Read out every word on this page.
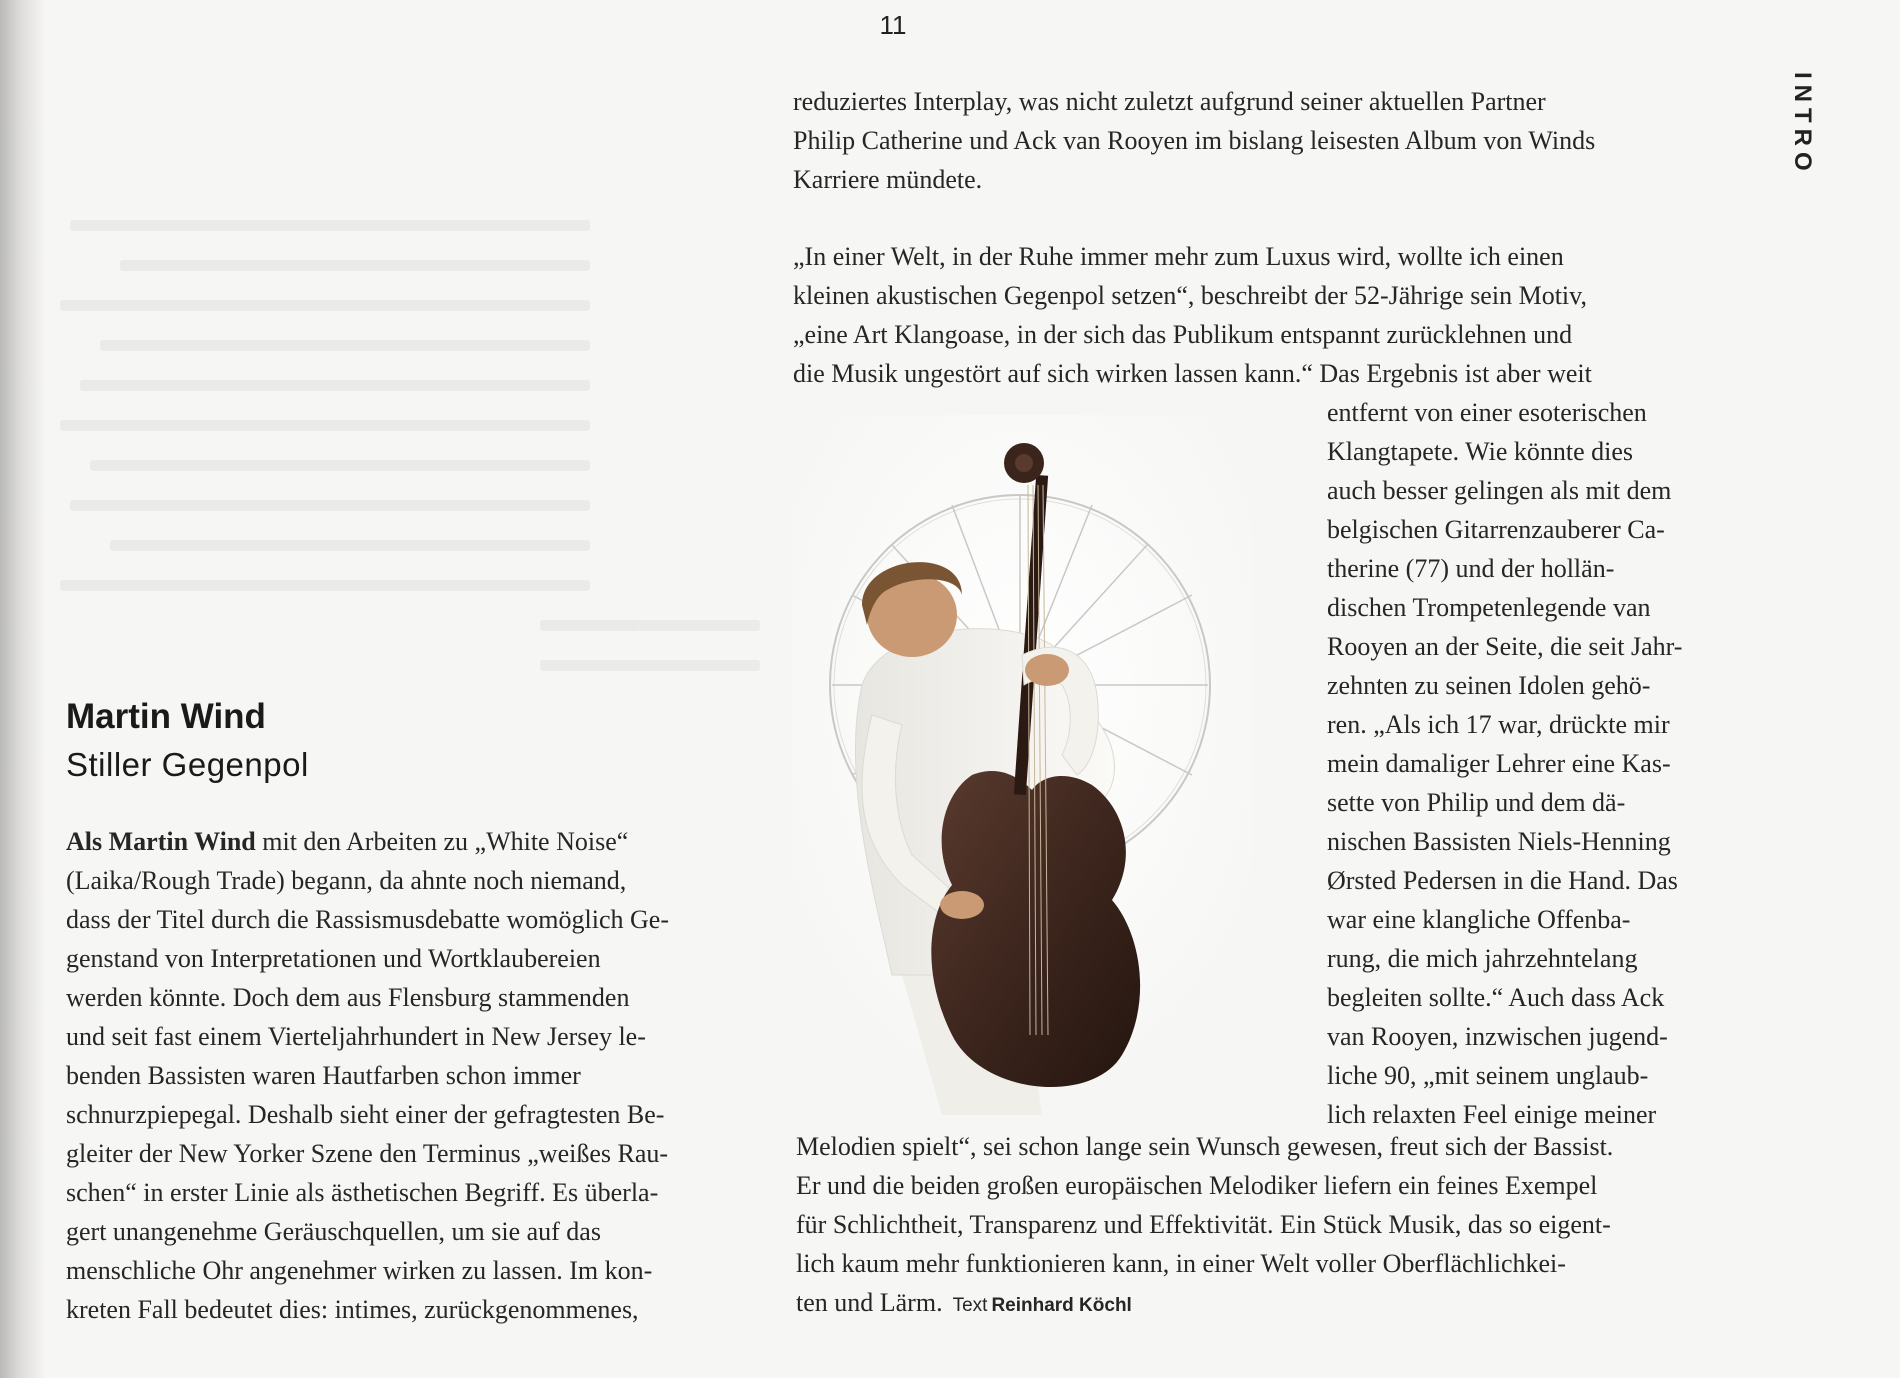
11
INTRO
Martin Wind
Stiller Gegenpol
Als Martin Wind mit den Arbeiten zu „White Noise“
(Laika/Rough Trade) begann, da ahnte noch niemand,
dass der Titel durch die Rassismusdebatte womöglich Ge-
genstand von Interpretationen und Wortklaubereien
werden könnte. Doch dem aus Flensburg stammenden
und seit fast einem Vierteljahrhundert in New Jersey le-
benden Bassisten waren Hautfarben schon immer
schnurzpiepegal. Deshalb sieht einer der gefragtesten Be-
gleiter der New Yorker Szene den Terminus „weißes Rau-
schen“ in erster Linie als ästhetischen Begriff. Es überla-
gert unangenehme Geräuschquellen, um sie auf das
menschliche Ohr angenehmer wirken zu lassen. Im kon-
kreten Fall bedeutet dies: intimes, zurückgenommenes,
reduziertes Interplay, was nicht zuletzt aufgrund seiner aktuellen Partner
Philip Catherine und Ack van Rooyen im bislang leisesten Album von Winds
Karriere mündete.
„In einer Welt, in der Ruhe immer mehr zum Luxus wird, wollte ich einen
kleinen akustischen Gegenpol setzen“, beschreibt der 52-Jährige sein Motiv,
„eine Art Klangoase, in der sich das Publikum entspannt zurücklehnen und
die Musik ungestört auf sich wirken lassen kann.“ Das Ergebnis ist aber weit
entfernt von einer esoterischen
Klangtapete. Wie könnte dies
auch besser gelingen als mit dem
belgischen Gitarrenzauberer Ca-
therine (77) und der hollän-
dischen Trompetenlegende van
Rooyen an der Seite, die seit Jahr-
zehnten zu seinen Idolen gehö-
ren. „Als ich 17 war, drückte mir
mein damaliger Lehrer eine Kas-
sette von Philip und dem dä-
nischen Bassisten Niels-Henning
Ørsted Pedersen in die Hand. Das
war eine klangliche Offenba-
rung, die mich jahrzehntelang
begleiten sollte.“ Auch dass Ack
van Rooyen, inzwischen jugend-
liche 90, „mit seinem unglaub-
lich relaxten Feel einige meiner
Melodien spielt“, sei schon lange sein Wunsch gewesen, freut sich der Bassist.
Er und die beiden großen europäischen Melodiker liefern ein feines Exempel
für Schlichtheit, Transparenz und Effektivität. Ein Stück Musik, das so eigent-
lich kaum mehr funktionieren kann, in einer Welt voller Oberflächlichkei-
ten und Lärm. Text Reinhard Köchl
